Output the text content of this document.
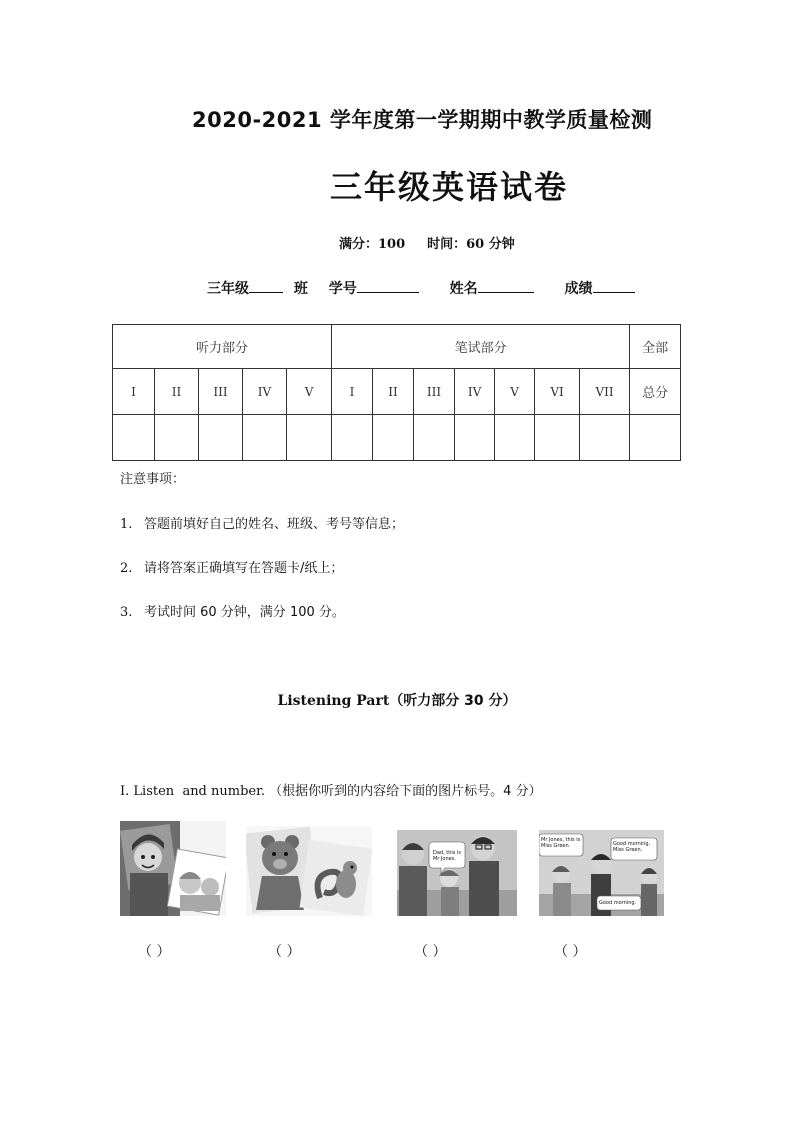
2020-2021 学年度第一学期期中教学质量检测
三年级英语试卷
满分：100 时间：60 分钟
三年级	班 学号	姓名	成绩
听力部分					笔试部分							全部
I	II	III	IV	V	I	II	III	IV	V	VI	VII	总分

注意事项：
1. 答题前填好自己的姓名、班级、考号等信息；
2. 请将答案正确填写在答题卡/纸上；
3. 考试时间 60 分钟，满分 100 分。
Listening Part（听力部分 30 分）
I. Listen  and number. （根据你听到的内容给下面的图片标号。4 分）
Dad, this is Mr Jones.
Mr Jones, this is Miss Green.	Good morning, Miss Green.
Good morning.
（ ）	（ ）	（ ）	（ ）
